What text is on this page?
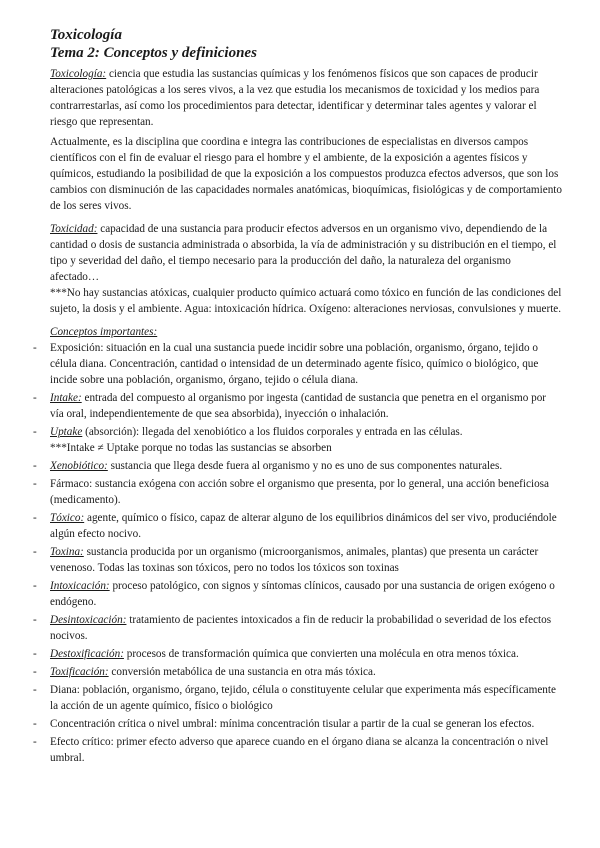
Toxicología
Tema 2: Conceptos y definiciones

Toxicología: ciencia que estudia las sustancias químicas y los fenómenos físicos que son capaces de producir alteraciones patológicas a los seres vivos, a la vez que estudia los mecanismos de toxicidad y los medios para contrarrestarlas, así como los procedimientos para detectar, identificar y determinar tales agentes y valorar el riesgo que representan.

Actualmente, es la disciplina que coordina e integra las contribuciones de especialistas en diversos campos científicos con el fin de evaluar el riesgo para el hombre y el ambiente, de la exposición a agentes físicos y químicos, estudiando la posibilidad de que la exposición a los compuestos produzca efectos adversos, que son los cambios con disminución de las capacidades normales anatómicas, bioquímicas, fisiológicas y de comportamiento de los seres vivos.

Toxicidad: capacidad de una sustancia para producir efectos adversos en un organismo vivo, dependiendo de la cantidad o dosis de sustancia administrada o absorbida, la vía de administración y su distribución en el tiempo, el tipo y severidad del daño, el tiempo necesario para la producción del daño, la naturaleza del organismo afectado…

***No hay sustancias atóxicas, cualquier producto químico actuará como tóxico en función de las condiciones del sujeto, la dosis y el ambiente. Agua: intoxicación hídrica. Oxígeno: alteraciones nerviosas, convulsiones y muerte.

Conceptos importantes:

- Exposición: situación en la cual una sustancia puede incidir sobre una población, organismo, órgano, tejido o célula diana. Concentración, cantidad o intensidad de un determinado agente físico, químico o biológico, que incide sobre una población, organismo, órgano, tejido o célula diana.
- Intake: entrada del compuesto al organismo por ingesta (cantidad de sustancia que penetra en el organismo por vía oral, independientemente de que sea absorbida), inyección o inhalación.
- Uptake (absorción): llegada del xenobiótico a los fluidos corporales y entrada en las células.
***Intake ≠ Uptake porque no todas las sustancias se absorben
- Xenobiótico: sustancia que llega desde fuera al organismo y no es uno de sus componentes naturales.
- Fármaco: sustancia exógena con acción sobre el organismo que presenta, por lo general, una acción beneficiosa (medicamento).
- Tóxico: agente, químico o físico, capaz de alterar alguno de los equilibrios dinámicos del ser vivo, produciéndole algún efecto nocivo.
- Toxina: sustancia producida por un organismo (microorganismos, animales, plantas) que presenta un carácter venenoso. Todas las toxinas son tóxicos, pero no todos los tóxicos son toxinas
- Intoxicación: proceso patológico, con signos y síntomas clínicos, causado por una sustancia de origen exógeno o endógeno.
- Desintoxicación: tratamiento de pacientes intoxicados a fin de reducir la probabilidad o severidad de los efectos nocivos.
- Destoxificación: procesos de transformación química que convierten una molécula en otra menos tóxica.
- Toxificación: conversión metabólica de una sustancia en otra más tóxica.
- Diana: población, organismo, órgano, tejido, célula o constituyente celular que experimenta más específicamente la acción de un agente químico, físico o biológico
- Concentración crítica o nivel umbral: mínima concentración tisular a partir de la cual se generan los efectos.
- Efecto crítico: primer efecto adverso que aparece cuando en el órgano diana se alcanza la concentración o nivel umbral.
